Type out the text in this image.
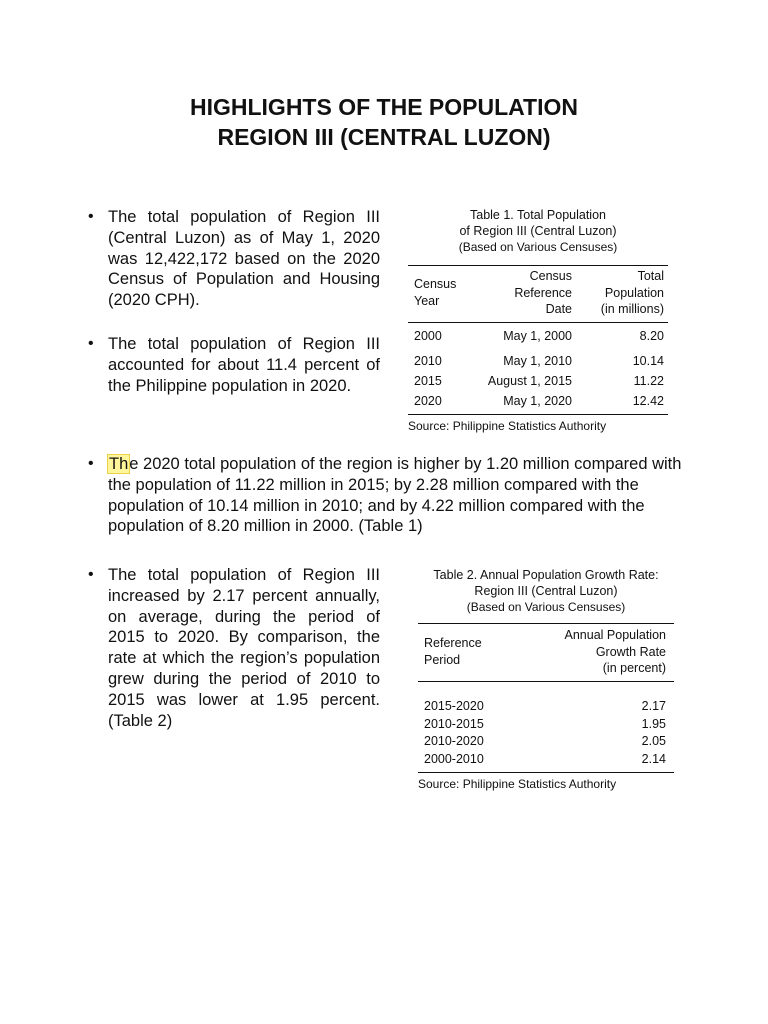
HIGHLIGHTS OF THE POPULATION
REGION III (CENTRAL LUZON)
• The total population of Region III (Central Luzon) as of May 1, 2020 was 12,422,172 based on the 2020 Census of Population and Housing (2020 CPH).
• The total population of Region III accounted for about 11.4 percent of the Philippine population in 2020.
Table 1. Total Population
of Region III (Central Luzon)
(Based on Various Censuses)
Census
Year

Census
Reference
Date

Total
Population
(in millions)
2000	May 1, 2000	8.20
2010	May 1, 2010	10.14
2015	August 1, 2015	11.22
2020	May 1, 2020	12.42
Source: Philippine Statistics Authority
• The 2020 total population of the region is higher by 1.20 million compared with the population of 11.22 million in 2015; by 2.28 million compared with the population of 10.14 million in 2010; and by 4.22 million compared with the population of 8.20 million in 2000. (Table 1)
• The total population of Region III increased by 2.17 percent annually, on average, during the period of 2015 to 2020. By comparison, the rate at which the region’s population grew during the period of 2010 to 2015 was lower at 1.95 percent. (Table 2)
Table 2. Annual Population Growth Rate:
Region III (Central Luzon)
(Based on Various Censuses)
Reference
Period

Annual Population
Growth Rate
(in percent)
2015-2020	2.17
2010-2015	1.95
2010-2020	2.05
2000-2010	2.14
Source: Philippine Statistics Authority
